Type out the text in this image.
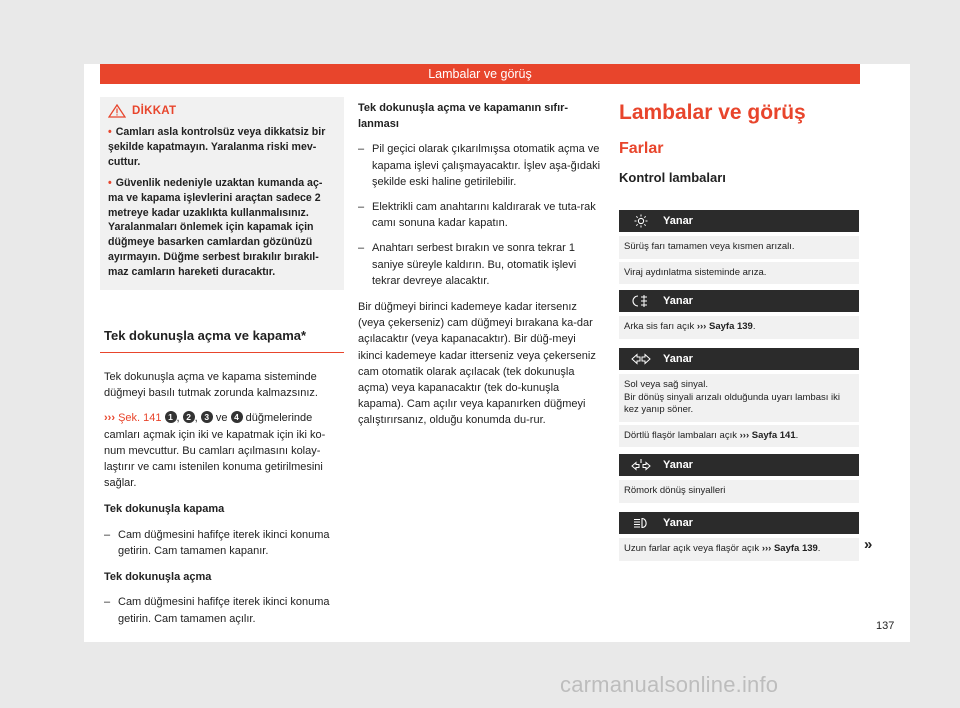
Lambalar ve görüş
DİKKAT
• Camları asla kontrolsüz veya dikkatsiz bir şekilde kapatmayın. Yaralanma riski mev-cuttur.
• Güvenlik nedeniyle uzaktan kumanda aç-ma ve kapama işlevlerini araçtan sadece 2 metreye kadar uzaklıkta kullanmalısınız. Yaralanmaları önlemek için kapamak için düğmeye basarken camlardan gözünüzü ayırmayın. Düğme serbest bırakılır bırakıl-maz camların hareketi duracaktır.
Tek dokunuşla açma ve kapama*
Tek dokunuşla açma ve kapama sisteminde düğmeyi basılı tutmak zorunda kalmazsınız.
››› Şek. 141 1 , 2 , 3 ve 4 düğmelerinde camları açmak için iki ve kapatmak için iki ko-num mevcuttur. Bu camları açılmasını kolay-laştırır ve camı istenilen konuma getirilmesini sağlar.
Tek dokunuşla kapama
– Cam düğmesini hafifçe iterek ikinci konuma getirin. Cam tamamen kapanır.
Tek dokunuşla açma
– Cam düğmesini hafifçe iterek ikinci konuma getirin. Cam tamamen açılır.
Tek dokunuşla açma ve kapamanın sıfır-lanması
– Pil geçici olarak çıkarılmışsa otomatik açma ve kapama işlevi çalışmayacaktır. İşlev aşa-ğıdaki şekilde eski haline getirilebilir.
– Elektrikli cam anahtarını kaldırarak ve tuta-rak camı sonuna kadar kapatın.
– Anahtarı serbest bırakın ve sonra tekrar 1 saniye süreyle kaldırın. Bu, otomatik işlevi tekrar devreye alacaktır.
Bir düğmeyi birinci kademeye kadar itersenız (veya çekerseniz) cam düğmeyi bırakana ka-dar açılacaktır (veya kapanacaktır). Bir düğ-meyi ikinci kademeye kadar itterseniz veya çekerseniz cam otomatik olarak açılacak (tek dokunuşla açma) veya kapanacaktır (tek do-kunuşla kapama). Cam açılır veya kapanırken düğmeyi çalıştırırsanız, olduğu konumda du-rur.
Lambalar ve görüş
Farlar
Kontrol lambaları
Yanar
Sürüş farı tamamen veya kısmen arızalı.
Viraj aydınlatma sisteminde arıza.
Yanar
Arka sis farı açık ››› Sayfa 139.
Yanar
Sol veya sağ sinyal.
Bir dönüş sinyali arızalı olduğunda uyarı lambası iki kez yanıp söner.
Dörtlü flaşör lambaları açık ››› Sayfa 141.
Yanar
Römork dönüş sinyalleri
Yanar
Uzun farlar açık veya flaşör açık ››› Sayfa 139.	»
137
carmanualsonline.info
